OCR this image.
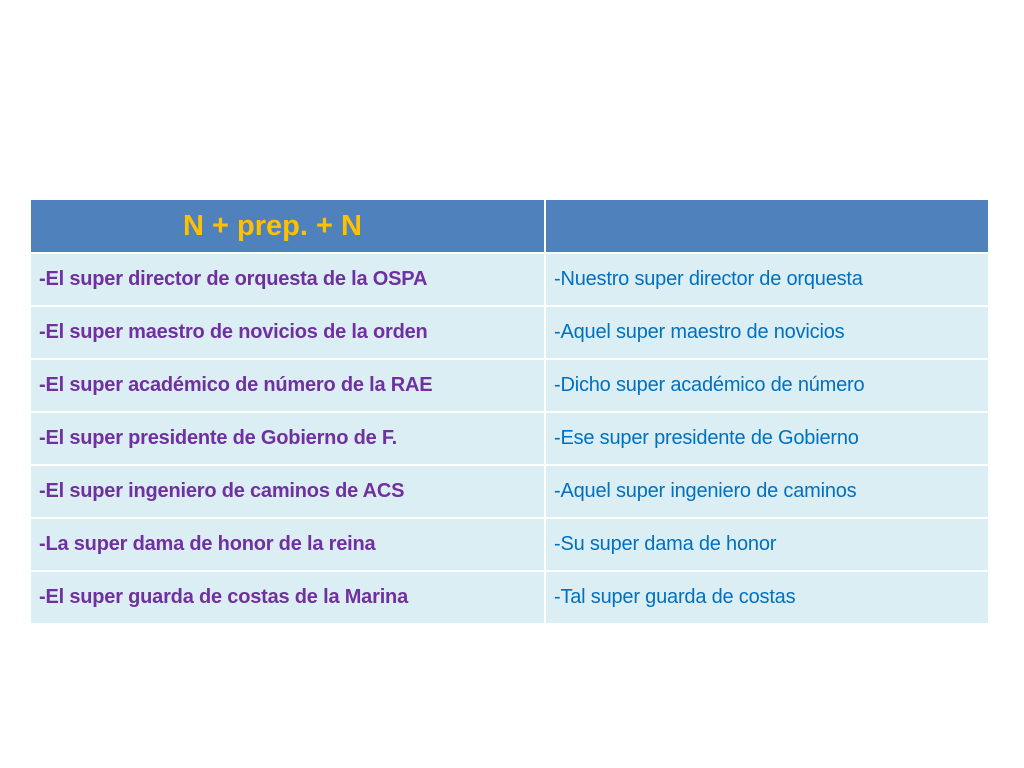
N + prep. + N	
-El super director de orquesta de la OSPA	-Nuestro super director de orquesta
-El super maestro de novicios de la orden	-Aquel super maestro de novicios
-El super académico de número de la RAE	-Dicho super académico de número
-El super presidente de Gobierno de F.	-Ese super presidente de Gobierno
-El super ingeniero de caminos de ACS	-Aquel super ingeniero de caminos
-La super dama de honor de la reina	-Su super dama de honor
-El super guarda de costas de la Marina	-Tal super guarda de costas
